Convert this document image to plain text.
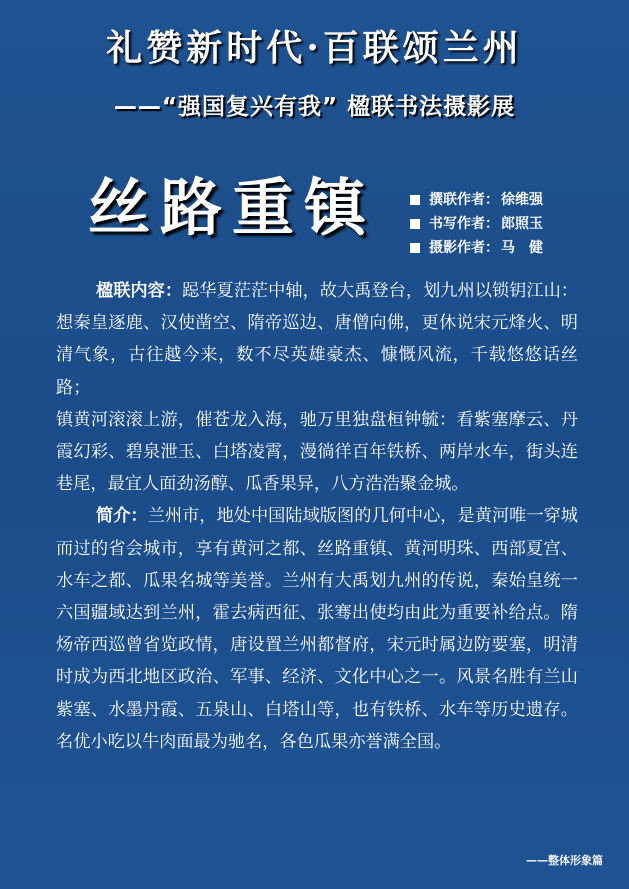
礼赞新时代·百联颂兰州
——“强国复兴有我” 楹联书法摄影展
丝路重镇	撰联作者： 徐维强
书写作者： 郎照玉
摄影作者： 马　健

楹联内容：跽华夏茫茫中轴，故大禹登台，划九州以锁钥江山：想秦皇逐鹿、汉使凿空、隋帝巡边、唐僧向佛，更休说宋元烽火、明清气象，古往越今来，数不尽英雄豪杰、慷慨风流，千载悠悠话丝路；

镇黄河滚滚上游，催苍龙入海，驰万里独盘桓钟毓：看紫塞摩云、丹霞幻彩、碧泉泄玉、白塔凌霄，漫徜徉百年铁桥、两岸水车，街头连巷尾，最宜人面劲汤醇、瓜香果异，八方浩浩聚金城。

简介：兰州市，地处中国陆域版图的几何中心，是黄河唯一穿城而过的省会城市，享有黄河之都、丝路重镇、黄河明珠、西部夏宫、水车之都、瓜果名城等美誉。兰州有大禹划九州的传说，秦始皇统一六国疆域达到兰州，霍去病西征、张骞出使均由此为重要补给点。隋炀帝西巡曾省览政情，唐设置兰州都督府，宋元时属边防要塞，明清时成为西北地区政治、军事、经济、文化中心之一。风景名胜有兰山紫塞、水墨丹霞、五泉山、白塔山等，也有铁桥、水车等历史遗存。名优小吃以牛肉面最为驰名，各色瓜果亦誉满全国。

——整体形象篇
